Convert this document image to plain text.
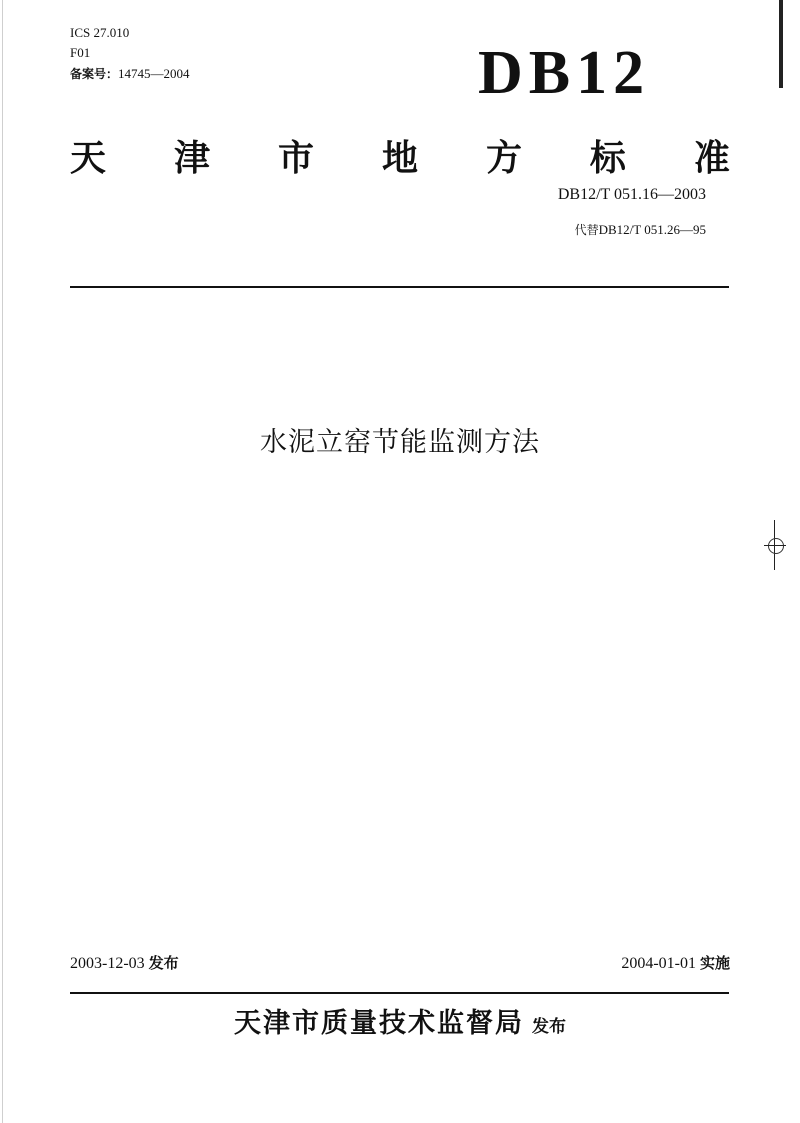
ICS 27.010
F01
备案号：14745—2004	DB12
天 津 市 地 方 标 准
DB12/T 051.16—2003
代替DB12/T 051.26—95
水泥立窑节能监测方法
2003-12-03 发布	2004-01-01 实施
天津市质量技术监督局 发布
